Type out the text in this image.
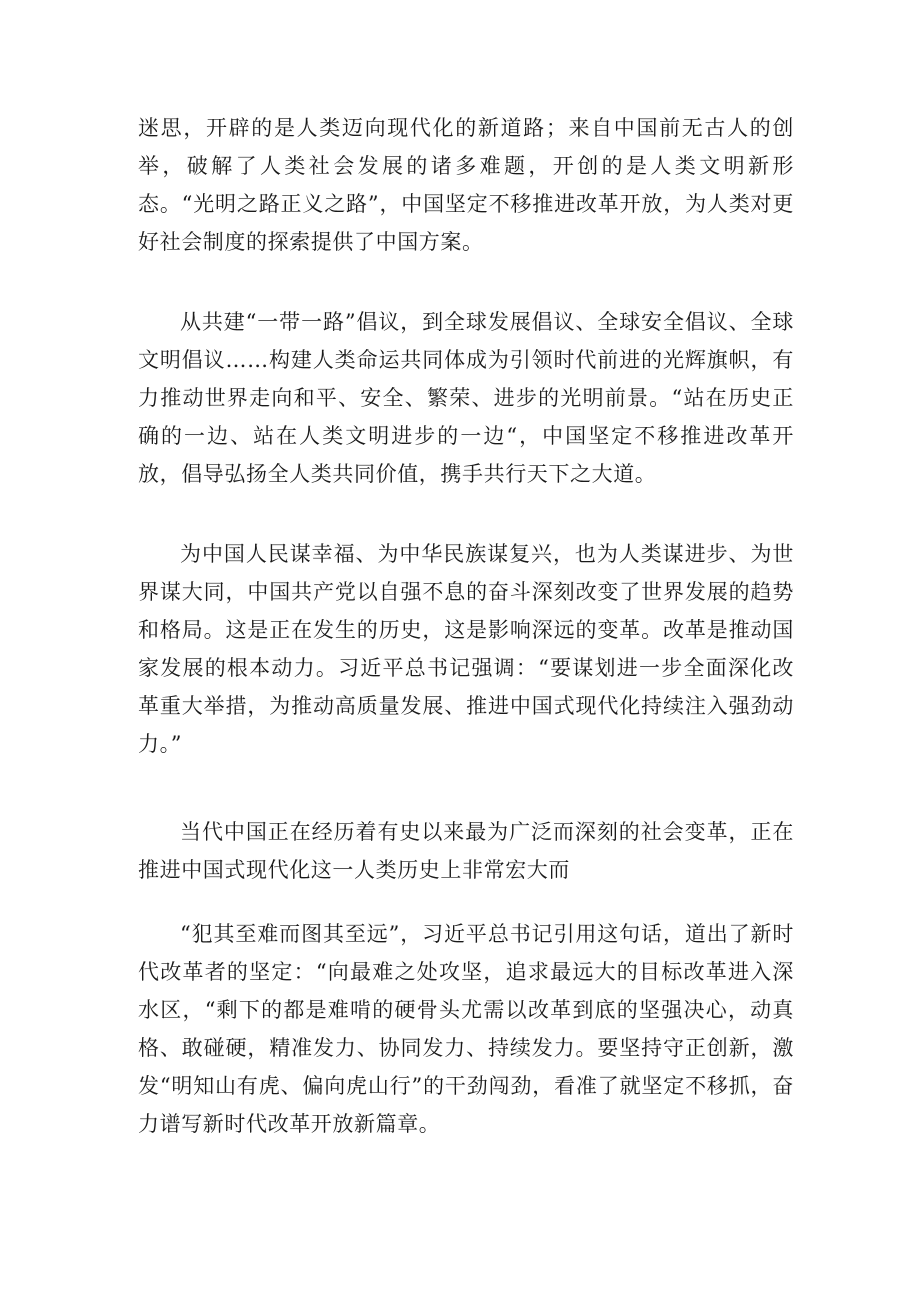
迷思，开辟的是人类迈向现代化的新道路；来自中国前无古人的创举，破解了人类社会发展的诸多难题，开创的是人类文明新形态。“光明之路正义之路”，中国坚定不移推进改革开放，为人类对更好社会制度的探索提供了中国方案。

从共建“一带一路”倡议，到全球发展倡议、全球安全倡议、全球文明倡议……构建人类命运共同体成为引领时代前进的光辉旗帜，有力推动世界走向和平、安全、繁荣、进步的光明前景。“站在历史正确的一边、站在人类文明进步的一边“，中国坚定不移推进改革开放，倡导弘扬全人类共同价值，携手共行天下之大道。

为中国人民谋幸福、为中华民族谋复兴，也为人类谋进步、为世界谋大同，中国共产党以自强不息的奋斗深刻改变了世界发展的趋势和格局。这是正在发生的历史，这是影响深远的变革。改革是推动国家发展的根本动力。习近平总书记强调：“要谋划进一步全面深化改革重大举措，为推动高质量发展、推进中国式现代化持续注入强劲动力。”

当代中国正在经历着有史以来最为广泛而深刻的社会变革，正在推进中国式现代化这一人类历史上非常宏大而

“犯其至难而图其至远”，习近平总书记引用这句话，道出了新时代改革者的坚定：“向最难之处攻坚，追求最远大的目标改革进入深水区，“剩下的都是难啃的硬骨头尤需以改革到底的坚强决心，动真格、敢碰硬，精准发力、协同发力、持续发力。要坚持守正创新，激发“明知山有虎、偏向虎山行”的干劲闯劲，看准了就坚定不移抓，奋力谱写新时代改革开放新篇章。
